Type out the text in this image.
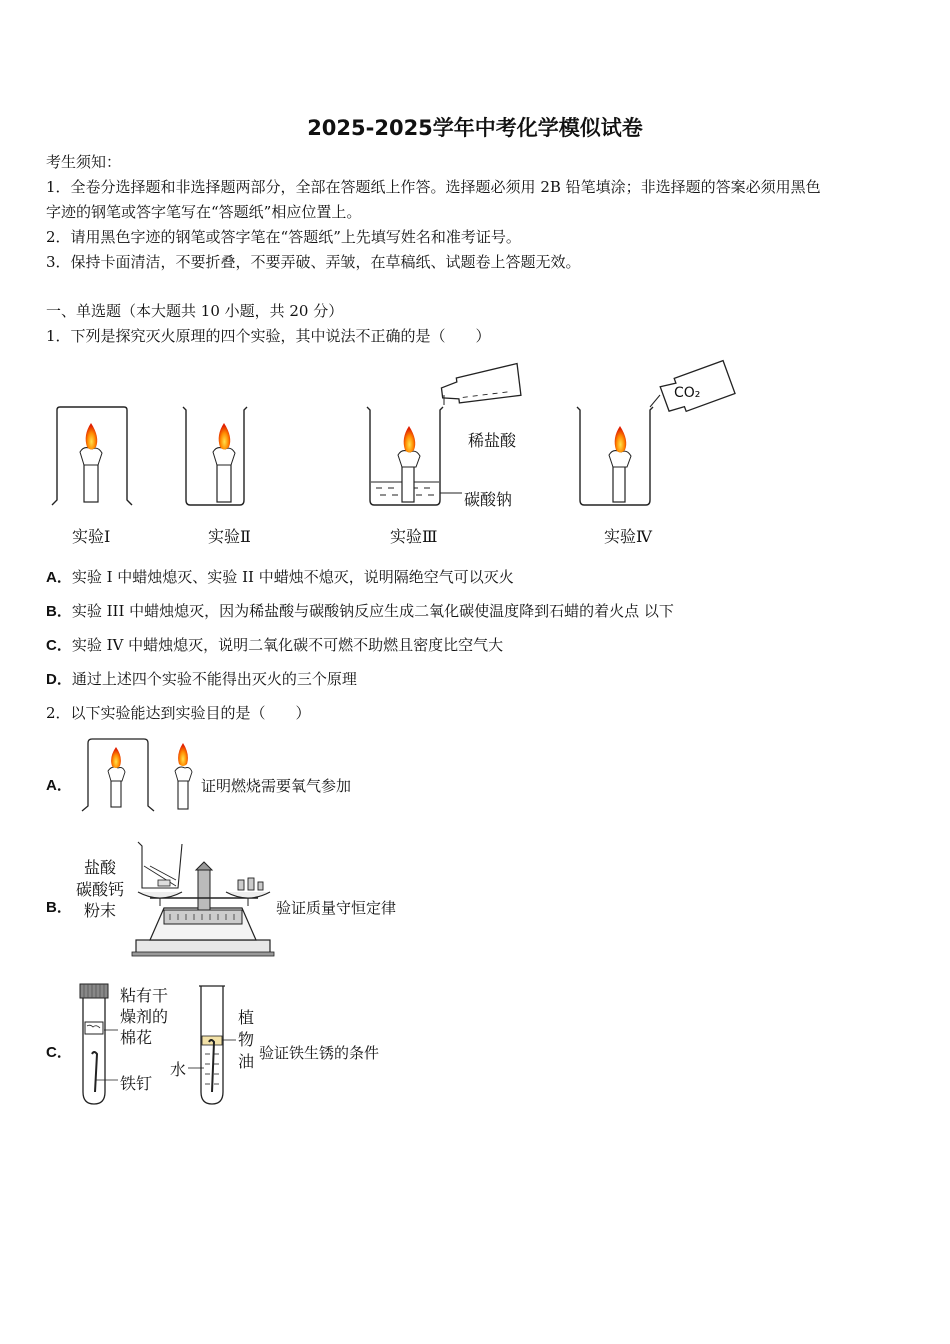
2025-2025学年中考化学模似试卷
考生须知：
1．全卷分选择题和非选择题两部分，全部在答题纸上作答。选择题必须用 2B 铅笔填涂；非选择题的答案必须用黑色
字迹的钢笔或答字笔写在“答题纸”相应位置上。
2．请用黑色字迹的钢笔或答字笔在“答题纸”上先填写姓名和准考证号。
3．保持卡面清洁，不要折叠，不要弄破、弄皱，在草稿纸、试题卷上答题无效。
一、单选题（本大题共 10 小题，共 20 分）
1．下列是探究灭火原理的四个实验，其中说法不正确的是（　　）
稀盐酸
碳酸钠
CO₂
实验Ⅰ	实验Ⅱ	实验Ⅲ	实验Ⅳ
A．实验 I 中蜡烛熄灭、实验 II 中蜡烛不熄灭，说明隔绝空气可以灭火
B．实验 III 中蜡烛熄灭，因为稀盐酸与碳酸钠反应生成二氧化碳使温度降到石蜡的着火点 以下
C．实验 IV 中蜡烛熄灭，说明二氧化碳不可燃不助燃且密度比空气大
D．通过上述四个实验不能得出灭火的三个原理
2．以下实验能达到实验目的是（　　）
A．	证明燃烧需要氧气参加
B．
盐酸
碳酸钙
粉末	验证质量守恒定律
C．
粘有干
燥剂的
棉花
铁钉
水
植
物
油 验证铁生锈的条件
